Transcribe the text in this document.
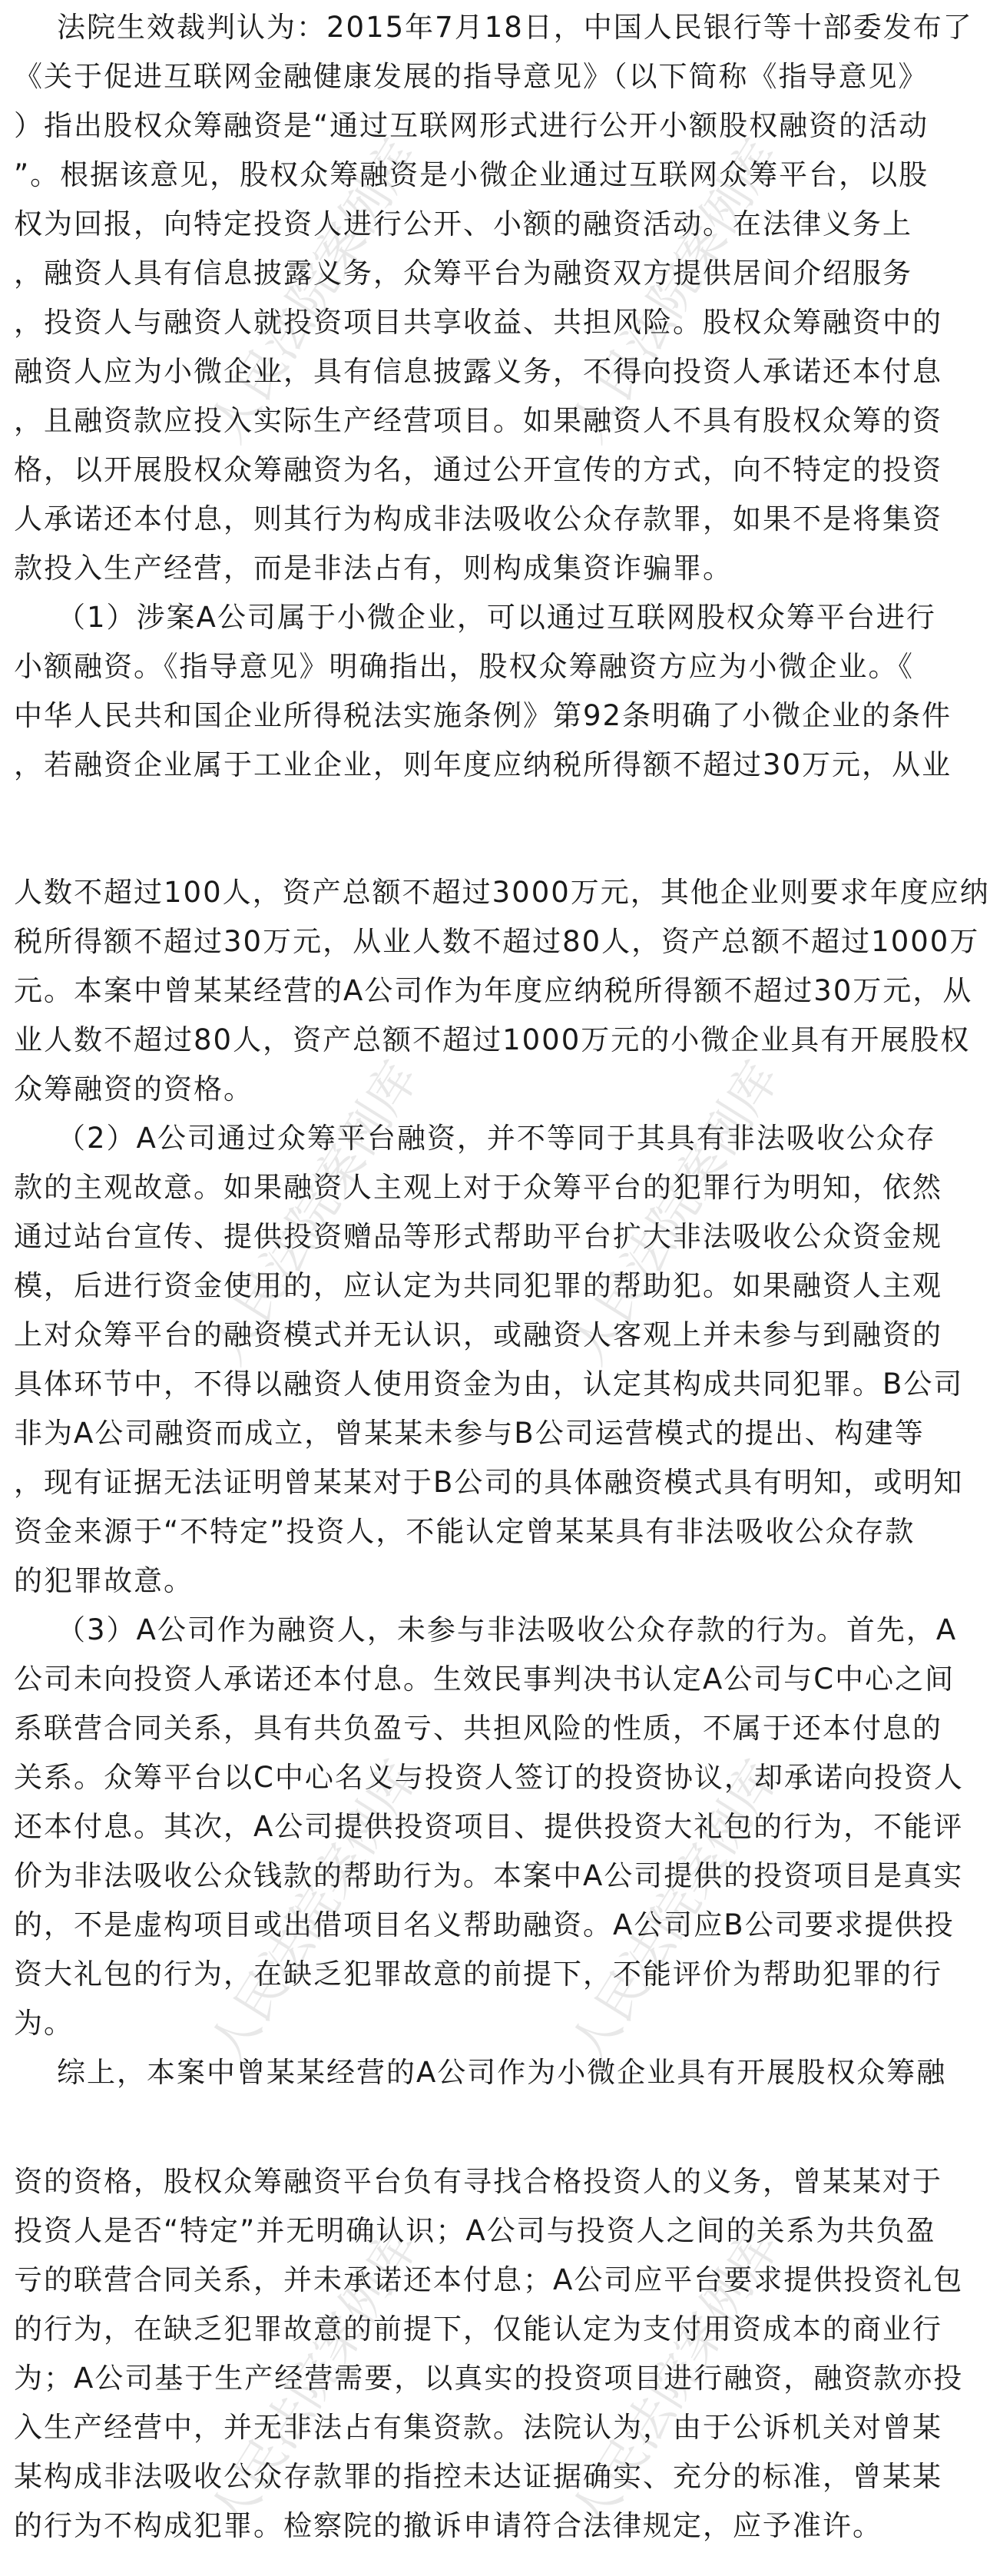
人民法院案例库	人民法院案例库
人民法院案例库	人民法院案例库
人民法院案例库	人民法院案例库
人民法院案例库	人民法院案例库
法院生效裁判认为：2015年7月18日，中国人民银行等十部委发布了
《关于促进互联网金融健康发展的指导意见》（以下简称《指导意见》
）指出股权众筹融资是“通过互联网形式进行公开小额股权融资的活动
”。根据该意见，股权众筹融资是小微企业通过互联网众筹平台，以股
权为回报，向特定投资人进行公开、小额的融资活动。在法律义务上
，融资人具有信息披露义务，众筹平台为融资双方提供居间介绍服务
，投资人与融资人就投资项目共享收益、共担风险。股权众筹融资中的
融资人应为小微企业，具有信息披露义务，不得向投资人承诺还本付息
，且融资款应投入实际生产经营项目。如果融资人不具有股权众筹的资
格，以开展股权众筹融资为名，通过公开宣传的方式，向不特定的投资
人承诺还本付息，则其行为构成非法吸收公众存款罪，如果不是将集资
款投入生产经营，而是非法占有，则构成集资诈骗罪。
（1）涉案A公司属于小微企业，可以通过互联网股权众筹平台进行
小额融资。《指导意见》明确指出，股权众筹融资方应为小微企业。《
中华人民共和国企业所得税法实施条例》第92条明确了小微企业的条件
，若融资企业属于工业企业，则年度应纳税所得额不超过30万元，从业
人数不超过100人，资产总额不超过3000万元，其他企业则要求年度应纳
税所得额不超过30万元，从业人数不超过80人，资产总额不超过1000万
元。本案中曾某某经营的A公司作为年度应纳税所得额不超过30万元，从
业人数不超过80人，资产总额不超过1000万元的小微企业具有开展股权
众筹融资的资格。
（2）A公司通过众筹平台融资，并不等同于其具有非法吸收公众存
款的主观故意。如果融资人主观上对于众筹平台的犯罪行为明知，依然
通过站台宣传、提供投资赠品等形式帮助平台扩大非法吸收公众资金规
模，后进行资金使用的，应认定为共同犯罪的帮助犯。如果融资人主观
上对众筹平台的融资模式并无认识，或融资人客观上并未参与到融资的
具体环节中，不得以融资人使用资金为由，认定其构成共同犯罪。B公司
非为A公司融资而成立，曾某某未参与B公司运营模式的提出、构建等
，现有证据无法证明曾某某对于B公司的具体融资模式具有明知，或明知
资金来源于“不特定”投资人，不能认定曾某某具有非法吸收公众存款
的犯罪故意。
（3）A公司作为融资人，未参与非法吸收公众存款的行为。首先，A
公司未向投资人承诺还本付息。生效民事判决书认定A公司与C中心之间
系联营合同关系，具有共负盈亏、共担风险的性质，不属于还本付息的
关系。众筹平台以C中心名义与投资人签订的投资协议，却承诺向投资人
还本付息。其次，A公司提供投资项目、提供投资大礼包的行为，不能评
价为非法吸收公众钱款的帮助行为。本案中A公司提供的投资项目是真实
的，不是虚构项目或出借项目名义帮助融资。A公司应B公司要求提供投
资大礼包的行为，在缺乏犯罪故意的前提下，不能评价为帮助犯罪的行
为。
综上，本案中曾某某经营的A公司作为小微企业具有开展股权众筹融
资的资格，股权众筹融资平台负有寻找合格投资人的义务，曾某某对于
投资人是否“特定”并无明确认识；A公司与投资人之间的关系为共负盈
亏的联营合同关系，并未承诺还本付息；A公司应平台要求提供投资礼包
的行为，在缺乏犯罪故意的前提下，仅能认定为支付用资成本的商业行
为；A公司基于生产经营需要，以真实的投资项目进行融资，融资款亦投
入生产经营中，并无非法占有集资款。法院认为，由于公诉机关对曾某
某构成非法吸收公众存款罪的指控未达证据确实、充分的标准，曾某某
的行为不构成犯罪。检察院的撤诉申请符合法律规定，应予准许。
